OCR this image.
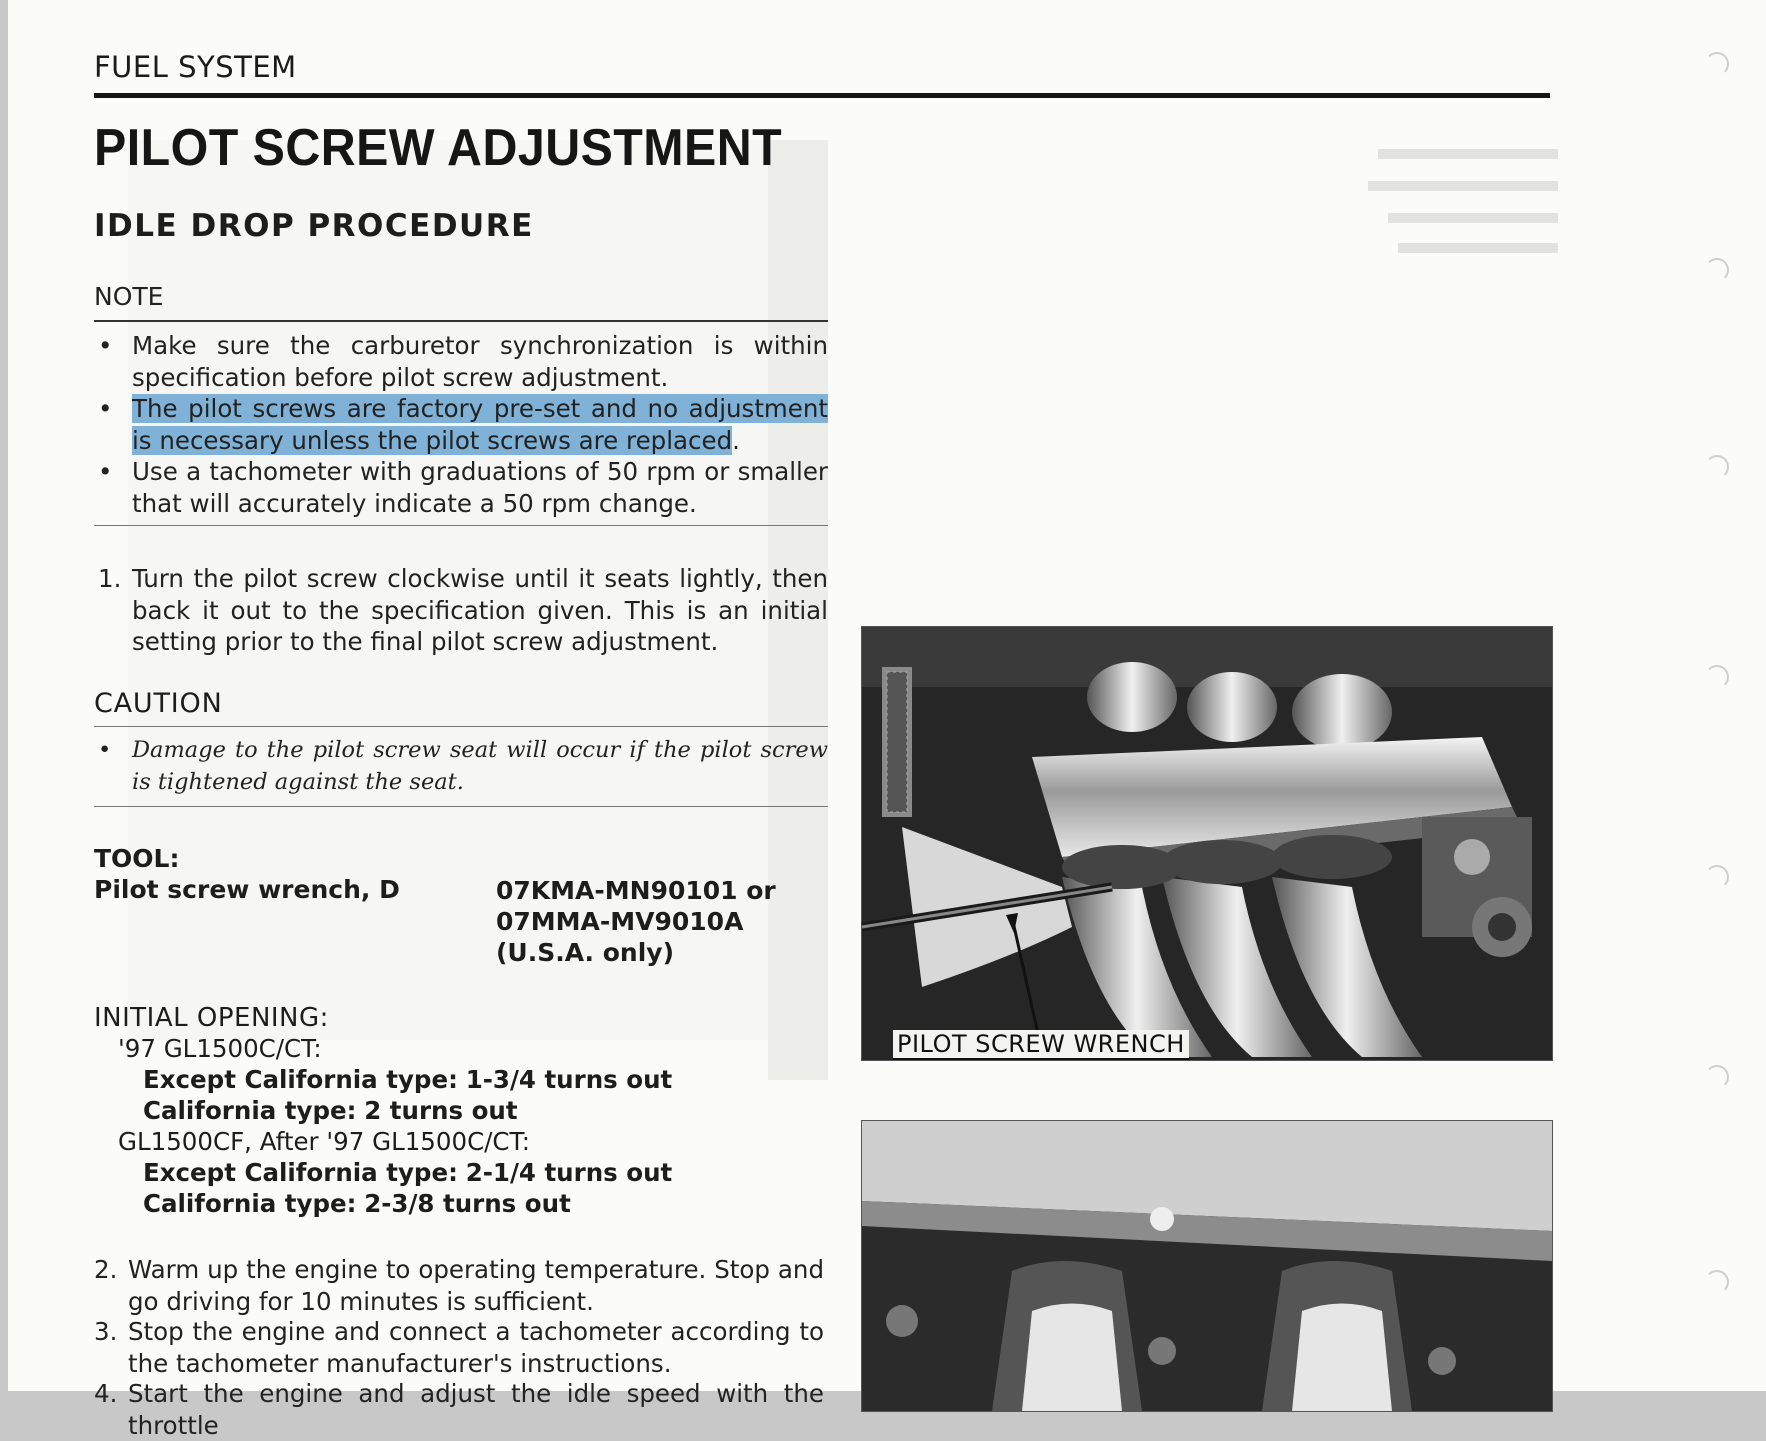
FUEL SYSTEM
PILOT SCREW ADJUSTMENT
IDLE DROP PROCEDURE
NOTE
• Make sure the carburetor synchronization is within specification before pilot screw adjustment.
• The pilot screws are factory pre-set and no adjustment is necessary unless the pilot screws are replaced.
• Use a tachometer with graduations of 50 rpm or smaller that will accurately indicate a 50 rpm change.
1. Turn the pilot screw clockwise until it seats lightly, then back it out to the specification given. This is an initial setting prior to the final pilot screw adjustment.
CAUTION
• Damage to the pilot screw seat will occur if the pilot screw is tightened against the seat.
TOOL:
Pilot screw wrench, D	07KMA-MN90101 or
07MMA-MV9010A
(U.S.A. only)
INITIAL OPENING:
'97 GL1500C/CT:
Except California type: 1-3/4 turns out
California type: 2 turns out
GL1500CF, After '97 GL1500C/CT:
Except California type: 2-1/4 turns out
California type: 2-3/8 turns out
2. Warm up the engine to operating temperature. Stop and go driving for 10 minutes is sufficient.
3. Stop the engine and connect a tachometer according to the tachometer manufacturer's instructions.
4. Start the engine and adjust the idle speed with the throttle
PILOT SCREW WRENCH
